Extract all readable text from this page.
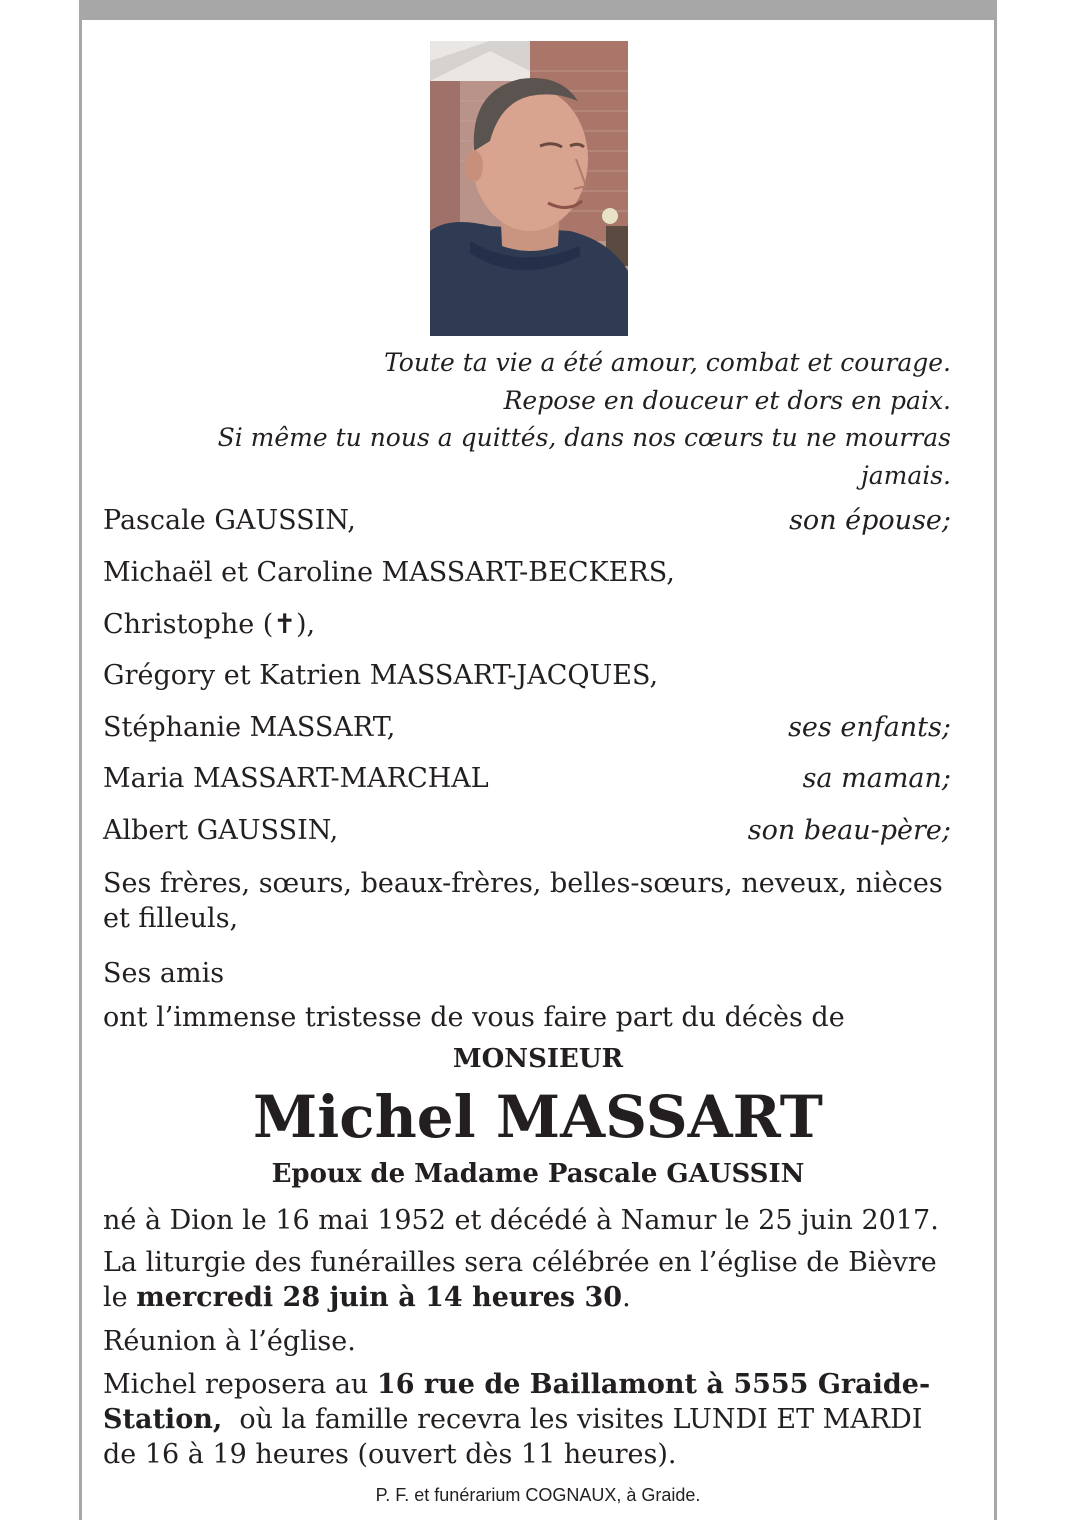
Toute ta vie a été amour, combat et courage.
Repose en douceur et dors en paix.
Si même tu nous a quittés, dans nos cœurs tu ne mourras
jamais.
Pascale GAUSSIN,	son épouse;
Michaël et Caroline MASSART-BECKERS,
Christophe (✝),
Grégory et Katrien MASSART-JACQUES,
Stéphanie MASSART,	ses enfants;
Maria MASSART-MARCHAL	sa maman;
Albert GAUSSIN,	son beau-père;
Ses frères, sœurs, beaux-frères, belles-sœurs, neveux, nièces
et filleuls,
Ses amis
ont l’immense tristesse de vous faire part du décès de
MONSIEUR
Michel MASSART
Epoux de Madame Pascale GAUSSIN
né à Dion le 16 mai 1952 et décédé à Namur le 25 juin 2017.
La liturgie des funérailles sera célébrée en l’église de Bièvre
le mercredi 28 juin à 14 heures 30.
Réunion à l’église.
Michel reposera au 16 rue de Baillamont à 5555 Graide-
Station,  où la famille recevra les visites LUNDI ET MARDI
de 16 à 19 heures (ouvert dès 11 heures).
P. F. et funérarium COGNAUX, à Graide.
